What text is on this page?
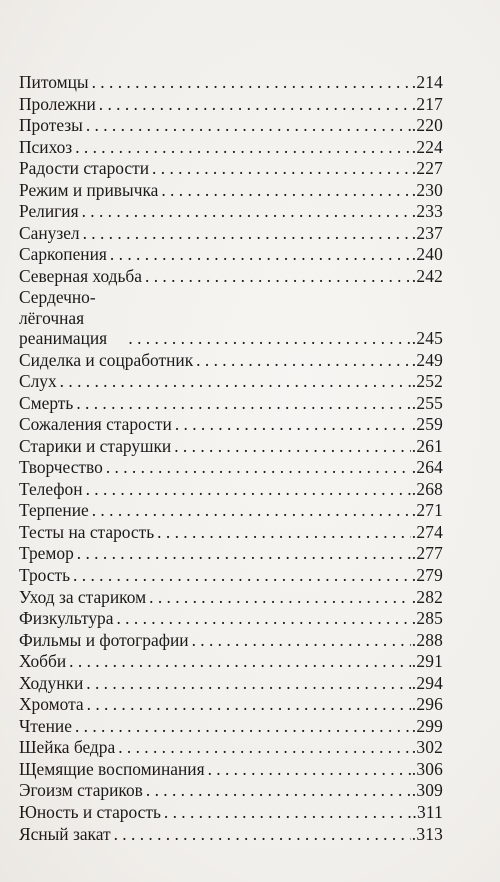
Питомцы . . .	.214
Пролежни . . .	.217
Протезы . . .	.220
Психоз . . .	.224
Радости старости . . .	.227
Режим и привычка . . .	.230
Религия . . .	.233
Санузел . . .	.237
Саркопения . . .	.240
Северная ходьба . . .	.242
Сердечно-лёгочная реанимация . . .	.245
Сиделка и соцработник . . .	.249
Слух . . .	.252
Смерть . . .	.255
Сожаления старости . . .	.259
Старики и старушки . . .	.261
Творчество . . .	.264
Телефон . . .	.268
Терпение . . .	.271
Тесты на старость . . .	.274
Тремор . . .	.277
Трость . . .	.279
Уход за стариком . . .	.282
Физкультура . . .	.285
Фильмы и фотографии . . .	.288
Хобби . . .	.291
Ходунки . . .	.294
Хромота . . .	.296
Чтение . . .	.299
Шейка бедра . . .	.302
Щемящие воспоминания . . .	.306
Эгоизм стариков . . .	.309
Юность и старость . . .	.311
Ясный закат . . .	.313
